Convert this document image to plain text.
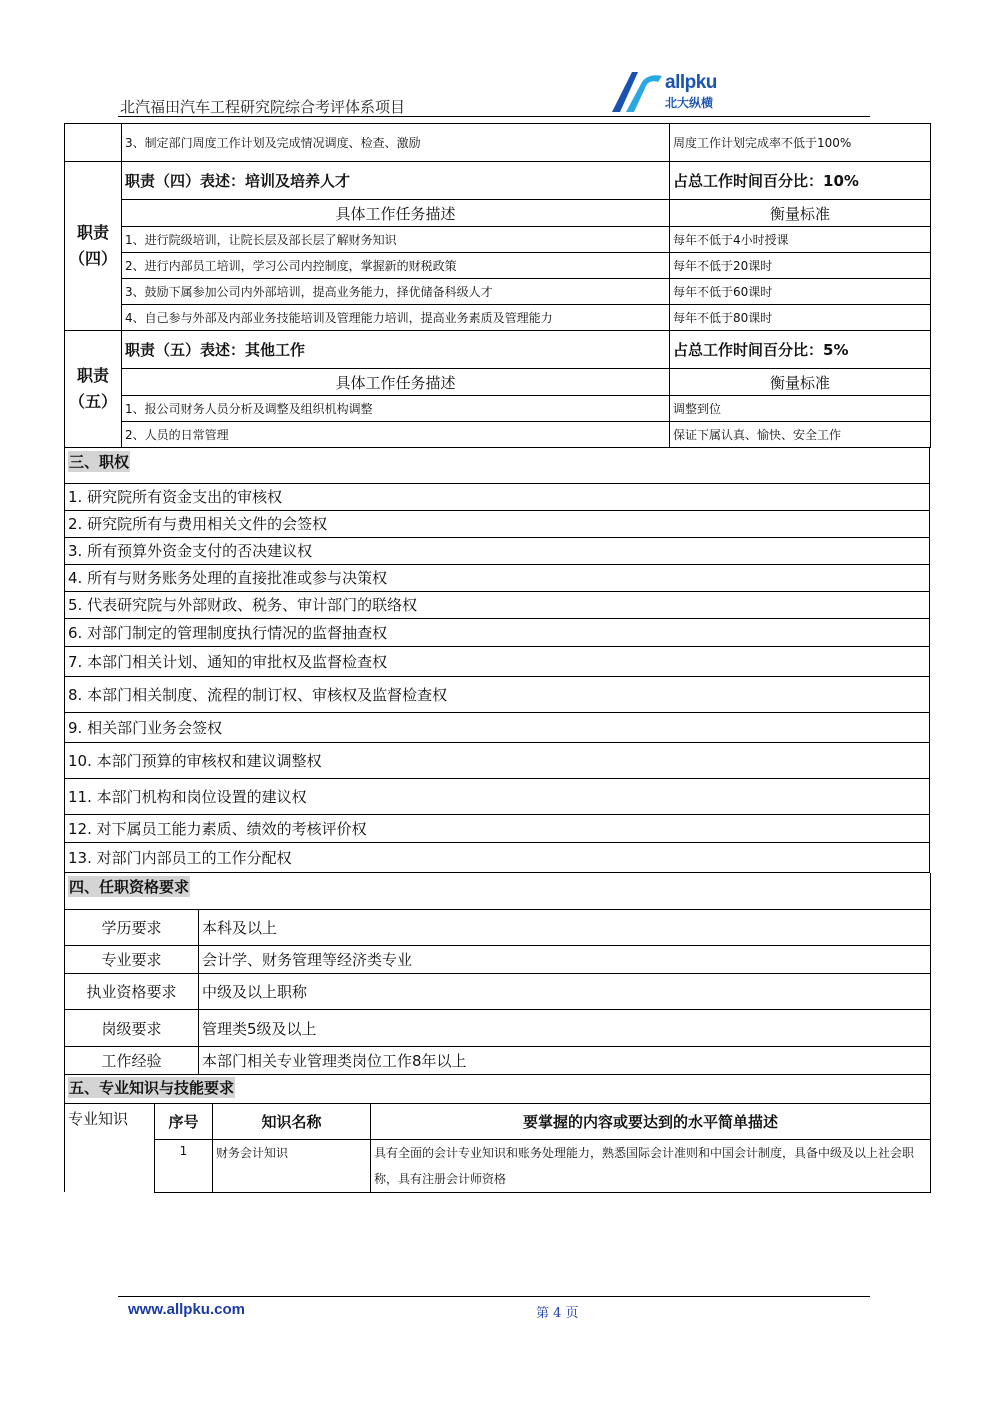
北汽福田汽车工程研究院综合考评体系项目
allpku
北大纵横
	3、制定部门周度工作计划及完成情况调度、检查、激励	周度工作计划完成率不低于100%
职责
（四）	职责（四）表述：培训及培养人才	占总工作时间百分比：10%
	具体工作任务描述	衡量标准
	1、进行院级培训，让院长层及部长层了解财务知识	每年不低于4小时授课
	2、进行内部员工培训，学习公司内控制度，掌握新的财税政策	每年不低于20课时
	3、鼓励下属参加公司内外部培训，提高业务能力，择优储备科级人才	每年不低于60课时
	4、自己参与外部及内部业务技能培训及管理能力培训，提高业务素质及管理能力	每年不低于80课时
职责
（五）	职责（五）表述：其他工作	占总工作时间百分比：5%
	具体工作任务描述	衡量标准
	1、报公司财务人员分析及调整及组织机构调整	调整到位
	2、人员的日常管理	保证下属认真、愉快、安全工作
三、职权
1. 研究院所有资金支出的审核权
2. 研究院所有与费用相关文件的会签权
3. 所有预算外资金支付的否决建议权
4. 所有与财务账务处理的直接批准或参与决策权
5. 代表研究院与外部财政、税务、审计部门的联络权
6. 对部门制定的管理制度执行情况的监督抽查权
7. 本部门相关计划、通知的审批权及监督检查权
8. 本部门相关制度、流程的制订权、审核权及监督检查权
9. 相关部门业务会签权
10. 本部门预算的审核权和建议调整权
11. 本部门机构和岗位设置的建议权
12. 对下属员工能力素质、绩效的考核评价权
13. 对部门内部员工的工作分配权
四、任职资格要求	
学历要求	本科及以上
专业要求	会计学、财务管理等经济类专业
执业资格要求	中级及以上职称
岗级要求	管理类5级及以上
工作经验	本部门相关专业管理类岗位工作8年以上
五、专业知识与技能要求			
专业知识	序号	知识名称	要掌握的内容或要达到的水平简单描述
	1	财务会计知识	具有全面的会计专业知识和账务处理能力，熟悉国际会计准则和中国会计制度，具备中级及以上社会职称，具有注册会计师资格
www.allpku.com	第 4 页
